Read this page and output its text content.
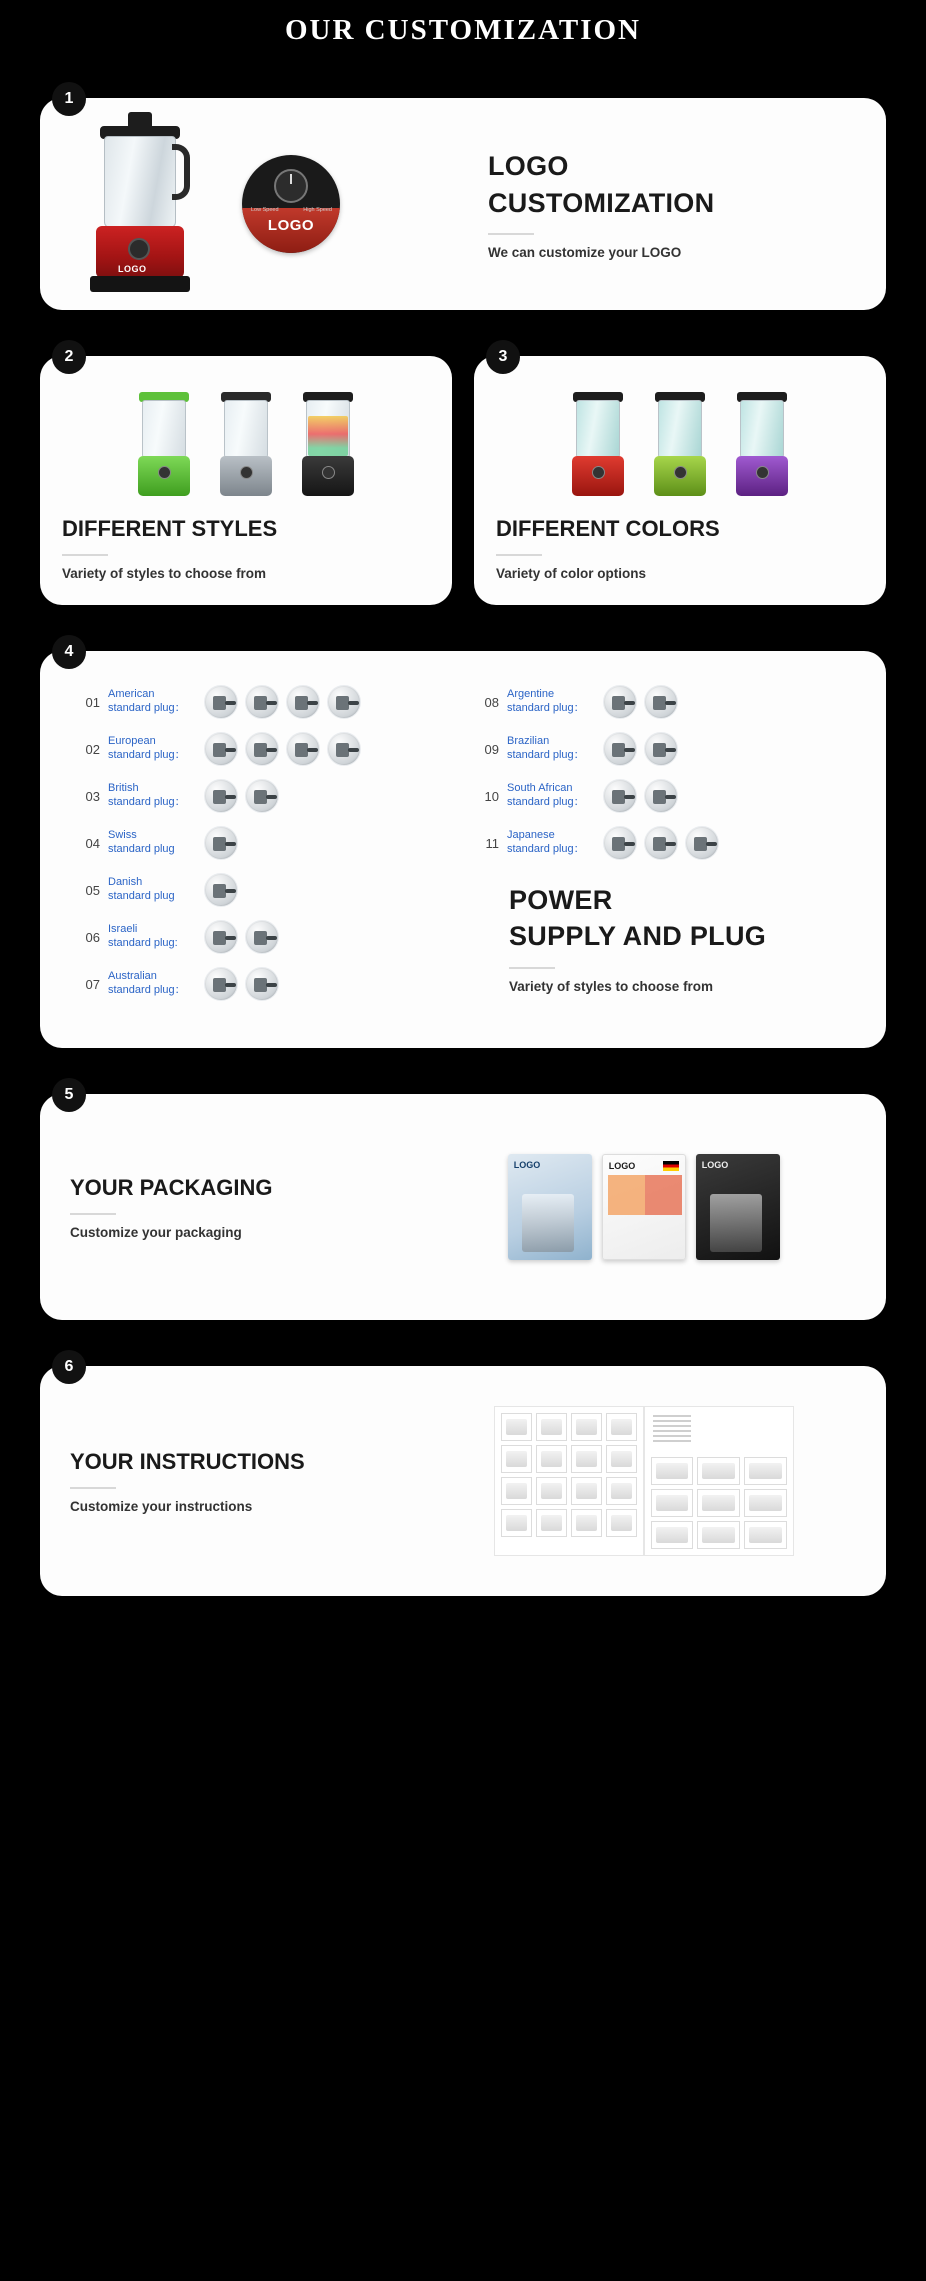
OUR CUSTOMIZATION
1
LOGO
Low Speed	High Speed
LOGO
LOGO
CUSTOMIZATION
We can customize your LOGO
2
DIFFERENT STYLES
Variety of styles to choose from
3
DIFFERENT COLORS
Variety of color options
4
01
American
standard plug：
02
European
standard plug：
03
British
standard plug：
04
Swiss
standard plug
05
Danish
standard plug
06
Israeli
standard plug:
07
Australian
standard plug：
08
Argentine
standard plug：
09
Brazilian
standard plug：
10
South African
standard plug：
11
Japanese
standard plug：
POWER
SUPPLY AND PLUG
Variety of styles to choose from
5
YOUR PACKAGING
Customize your packaging
LOGO	LOGO	LOGO
6
YOUR INSTRUCTIONS
Customize your instructions
